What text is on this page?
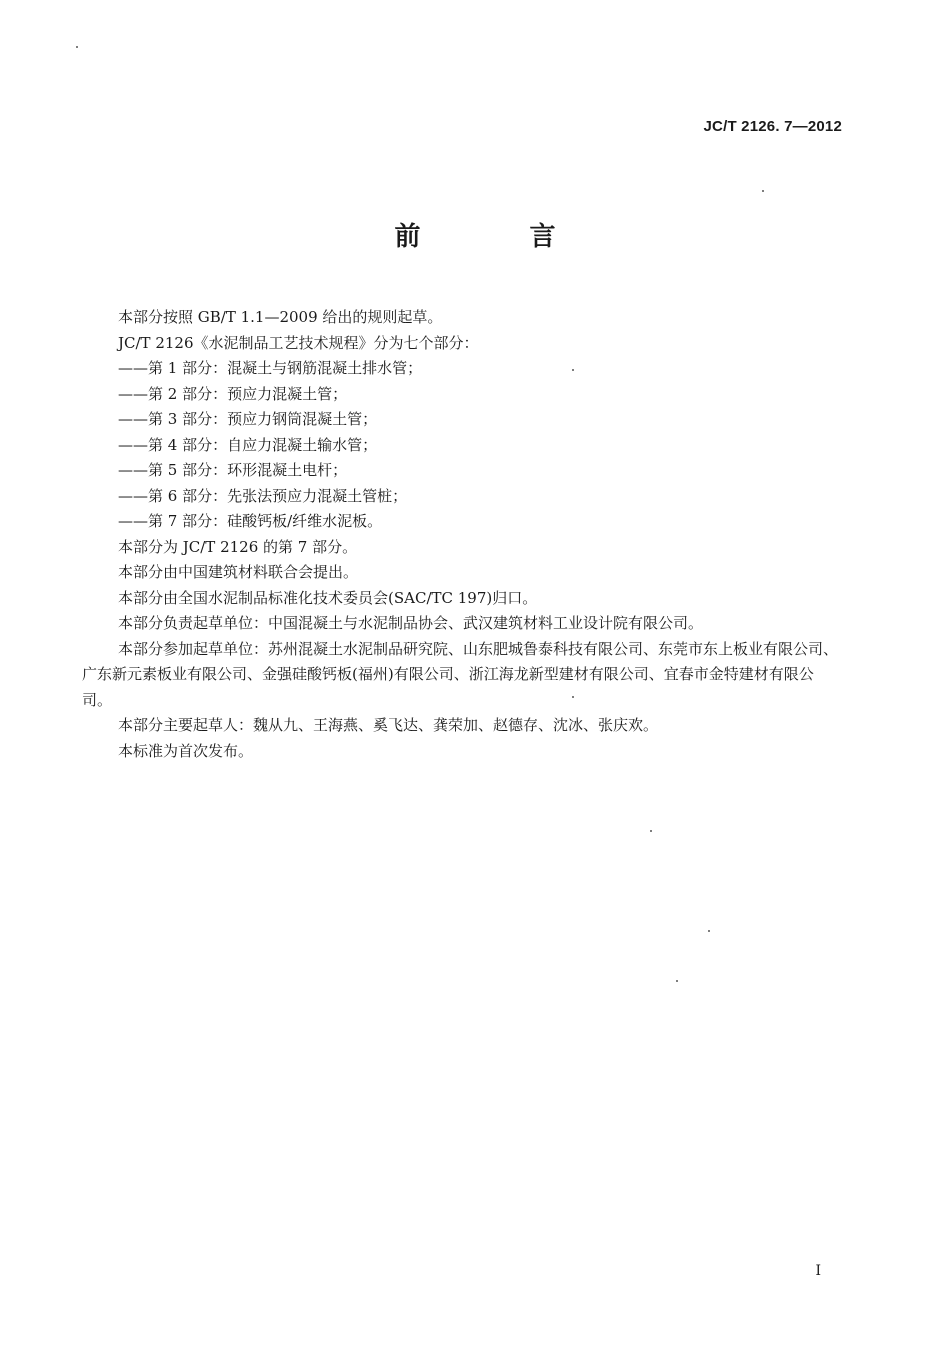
JC/T 2126. 7—2012
前 言

本部分按照 GB/T 1.1—2009 给出的规则起草。

JC/T 2126《水泥制品工艺技术规程》分为七个部分：

——第 1 部分：混凝土与钢筋混凝土排水管；

——第 2 部分：预应力混凝土管；

——第 3 部分：预应力钢筒混凝土管；

——第 4 部分：自应力混凝土输水管；

——第 5 部分：环形混凝土电杆；

——第 6 部分：先张法预应力混凝土管桩；

——第 7 部分：硅酸钙板/纤维水泥板。

本部分为 JC/T 2126 的第 7 部分。

本部分由中国建筑材料联合会提出。

本部分由全国水泥制品标准化技术委员会(SAC/TC 197)归口。

本部分负责起草单位：中国混凝土与水泥制品协会、武汉建筑材料工业设计院有限公司。

本部分参加起草单位：苏州混凝土水泥制品研究院、山东肥城鲁泰科技有限公司、东莞市东上板业有限公司、广东新元素板业有限公司、金强硅酸钙板(福州)有限公司、浙江海龙新型建材有限公司、宜春市金特建材有限公司。

本部分主要起草人：魏从九、王海燕、奚飞达、龚荣加、赵德存、沈冰、张庆欢。

本标准为首次发布。

I
